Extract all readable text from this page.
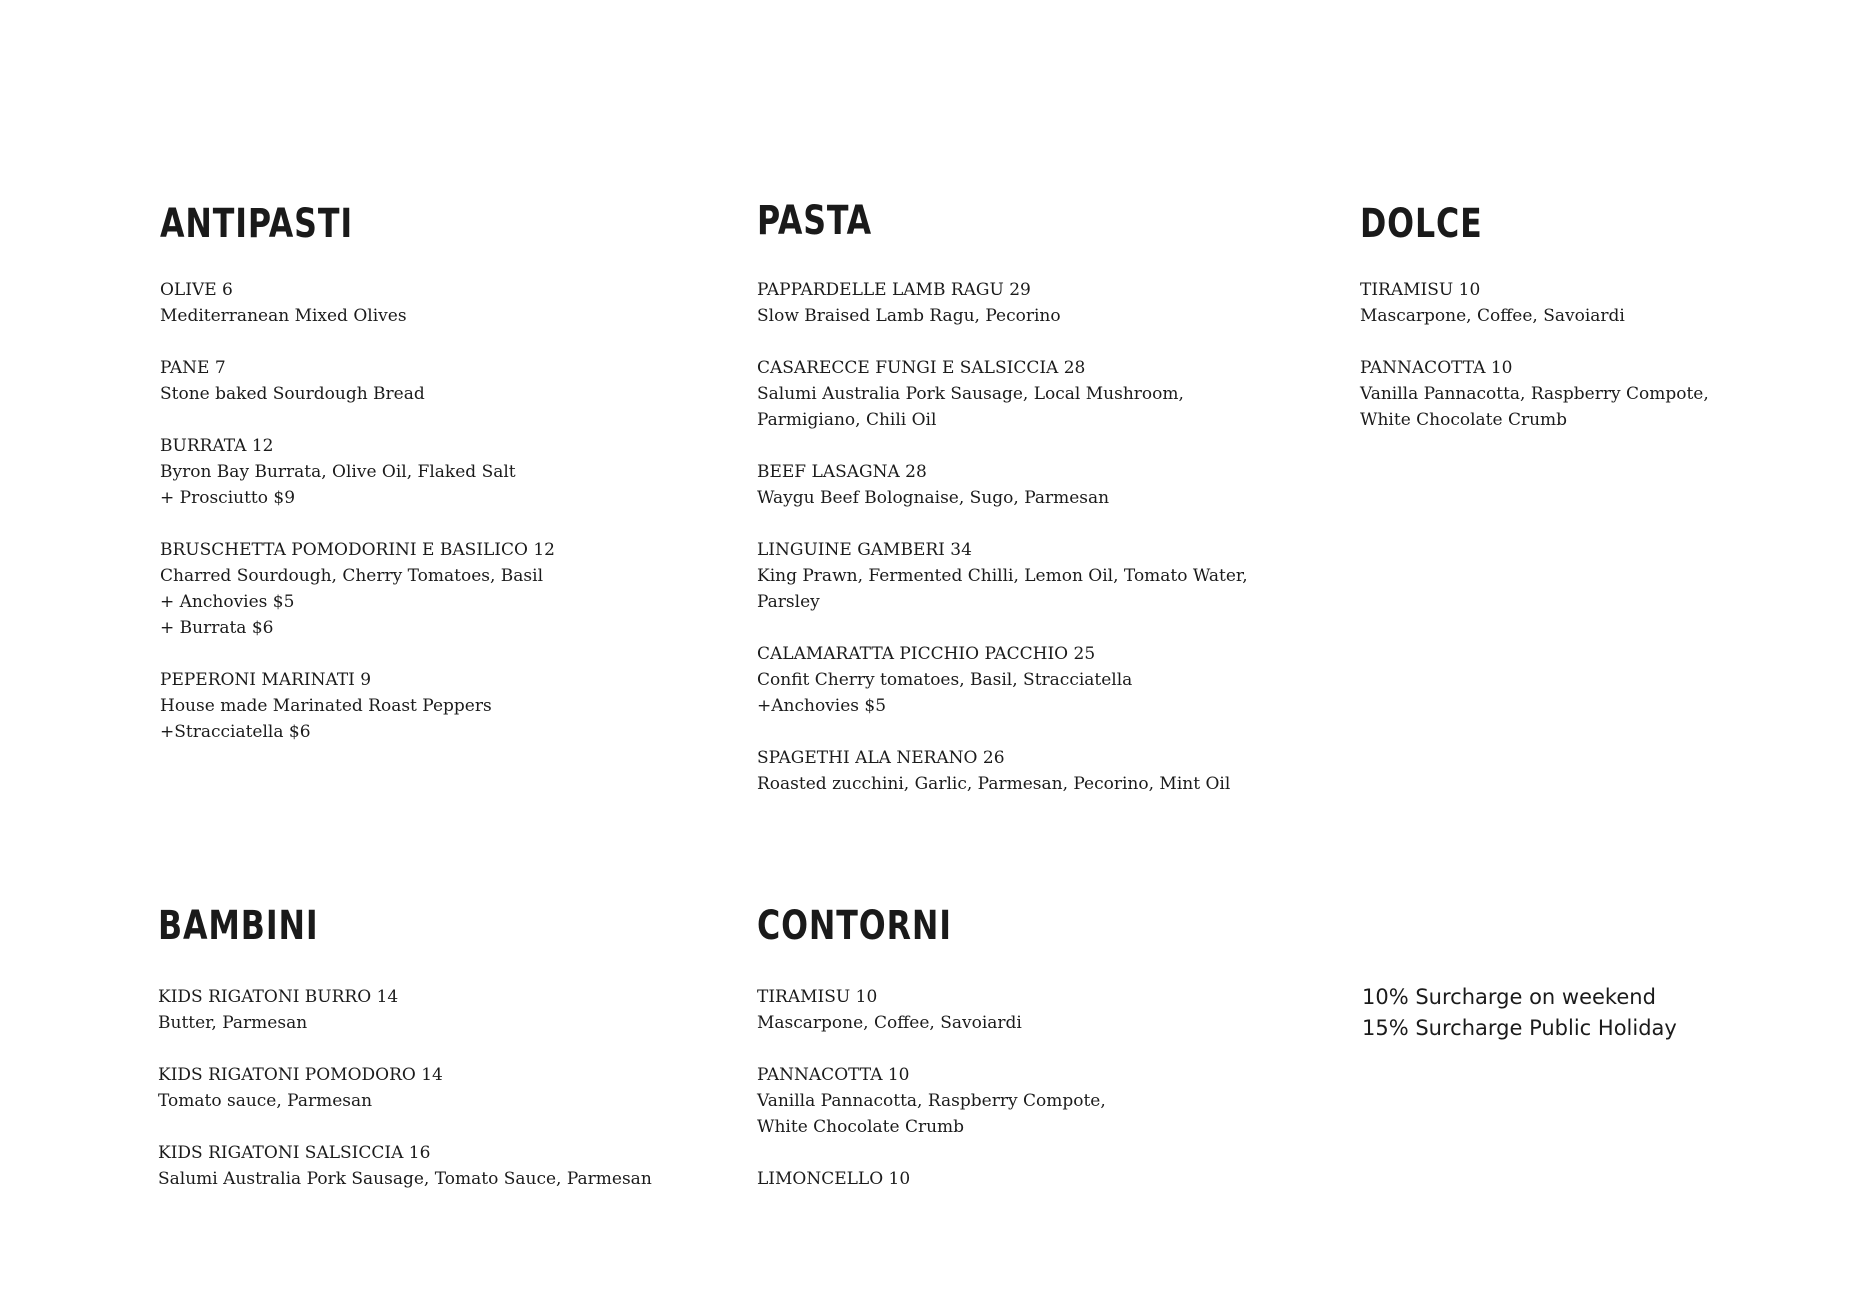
ANTIPASTI
OLIVE 6
Mediterranean Mixed Olives
PANE 7
Stone baked Sourdough Bread
BURRATA 12
Byron Bay Burrata, Olive Oil, Flaked Salt
+ Prosciutto $9
BRUSCHETTA POMODORINI E BASILICO 12
Charred Sourdough, Cherry Tomatoes, Basil
+ Anchovies $5
+ Burrata $6
PEPERONI MARINATI 9
House made Marinated Roast Peppers
+Stracciatella $6
PASTA
PAPPARDELLE LAMB RAGU 29
Slow Braised Lamb Ragu, Pecorino
CASARECCE FUNGI E SALSICCIA 28
Salumi Australia Pork Sausage, Local Mushroom,
Parmigiano, Chili Oil
BEEF LASAGNA 28
Waygu Beef Bolognaise, Sugo, Parmesan
LINGUINE GAMBERI 34
King Prawn, Fermented Chilli, Lemon Oil, Tomato Water,
Parsley
CALAMARATTA PICCHIO PACCHIO 25
Confit Cherry tomatoes, Basil, Stracciatella
+Anchovies $5
SPAGETHI ALA NERANO 26
Roasted zucchini, Garlic, Parmesan, Pecorino, Mint Oil
DOLCE
TIRAMISU 10
Mascarpone, Coffee, Savoiardi
PANNACOTTA 10
Vanilla Pannacotta, Raspberry Compote,
White Chocolate Crumb
BAMBINI
KIDS RIGATONI BURRO 14
Butter, Parmesan
KIDS RIGATONI POMODORO 14
Tomato sauce, Parmesan
KIDS RIGATONI SALSICCIA 16
Salumi Australia Pork Sausage, Tomato Sauce, Parmesan
CONTORNI
TIRAMISU 10
Mascarpone, Coffee, Savoiardi
PANNACOTTA 10
Vanilla Pannacotta, Raspberry Compote,
White Chocolate Crumb
LIMONCELLO 10
10% Surcharge on weekend
15% Surcharge Public Holiday
